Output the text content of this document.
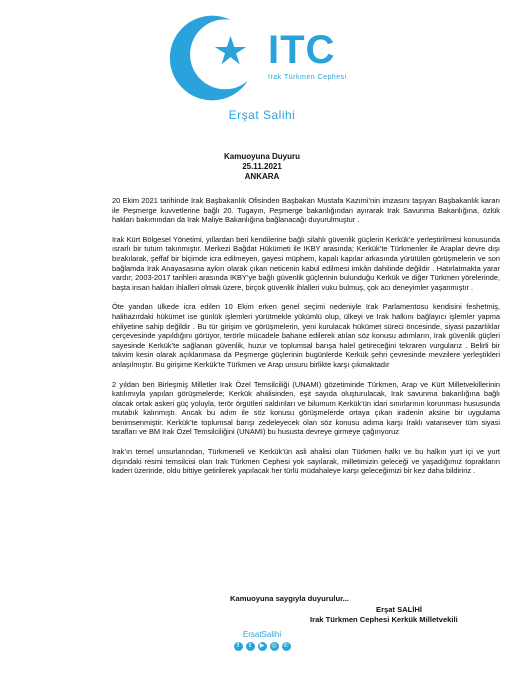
ITC
Irak Türkmen Cephesi
Erşat Salihi
Kamuoyuna Duyuru
25.11.2021
ANKARA

20 Ekim 2021 tarihinde Irak Başbakanlık Ofisinden Başbakan Mustafa Kazımi’nin imzasını taşıyan Başbakanlık kararı ile Peşmerge kuvvetlerine bağlı 20. Tugayın, Peşmerge bakanlığından ayırarak Irak Savunma Bakanlığına, özlük hakları bakımından da Irak Maliye Bakanlığına bağlanacağı duyurulmuştur .

Irak Kürt Bölgesel Yönetimi, yıllardan beri kendilerine bağlı silahlı güvenlik güçlerin Kerkük’e yerleştirilmesi konusunda ısrarlı bir tutum takınmıştır. Merkezi Bağdat Hükümeti ile IKBY arasında; Kerkük’te Türkmenler ile Araplar devre dışı bırakılarak, şeffaf bir biçimde icra edilmeyen, gayesi müphem, kapalı kapılar arkasında yürütülen görüşmelerin ve son bağlamda Irak Anayasasına aykırı olarak çıkan neticenin kabul edilmesi imkân dahilinde değildir . Hatırlatmakta yarar vardır; 2003-2017 tarihleri arasında IKBY’ye bağlı güvenlik güçlerinin bulunduğu Kerkük ve diğer Türkmen yörelerinde, başta insan hakları ihlalleri olmak üzere, birçok güvenlik ihlalleri vuku bulmuş, çok acı deneyimler yaşanmıştır .

Öte yandan ülkede icra edilen 10 Ekim erken genel seçimi nedeniyle Irak Parlamentosu kendisini feshetmiş, halihazırdaki hükümet ise günlük işlemleri yürütmekle yükümlü olup, ülkeyi ve Irak halkını bağlayıcı işlemler yapma ehliyetine sahip değildir . Bu tür girişim ve görüşmelerin, yeni kurulacak hükümet süreci öncesinde, siyasi pazarlıklar çerçevesinde yapıldığını görüyor, terörle mücadele bahane edilerek atılan söz konusu adımların, Irak güvenlik güçleri sayesinde Kerkük’te sağlanan güvenlik, huzur ve toplumsal barışa halel getireceğini tekraren vurgularız . Belirli bir takvim kesin olarak açıklanmasa da Peşmerge güçlerinin bugünlerde Kerkük şehri çevresinde mevzilere yerleştikleri anlaşılmıştır. Bu girişime Kerkük’te Türkmen ve Arap unsuru birlikte karşı çıkmaktadır

2 yıldan beri Birleşmiş Milletler Irak Özel Temsilciliği (UNAMI) gözetiminde Türkmen, Arap ve Kürt Milletvekillerinin katılımıyla yapılan görüşmelerde; Kerkük ahalisinden, eşit sayıda oluşturulacak, Irak savunma bakanlığına bağlı olacak ortak askeri güç yoluyla, terör örgütleri saldırıları ve bilumum Kerkük’ün idari sınırlarının korunması hususunda mutabık kalınmıştı. Ancak bu adım ile söz konusu görüşmelerde ortaya çıkan iradenin aksine bir uygulama benimsenmiştir. Kerkük’te toplumsal barışı zedeleyecek olan söz konusu adıma karşı Iraklı vatansever tüm siyasi tarafları ve BM Irak Özel Temsilciliğini (UNAMI) bu hususta devreye girmeye çağırıyoruz

Irak’ın temel unsurlarından, Türkmeneli ve Kerkük’ün asli ahalisi olan Türkmen halkı ve bu halkın yurt içi ve yurt dışındaki resmi temsilcisi olan Irak Türkmen Cephesi yok sayılarak, milletimizin geleceği ve yaşadığımız toprakların kaderi üzerinde, oldu bittiye getirilerek yapılacak her türlü müdahaleye karşı geleceğimizi bir kez daha bildiririz .

Kamuoyuna saygıyla duyurulur...
Erşat SALİHİ
Irak Türkmen Cephesi Kerkük Milletvekili
ErsatSalihi
f	t	▶	◎	✆
